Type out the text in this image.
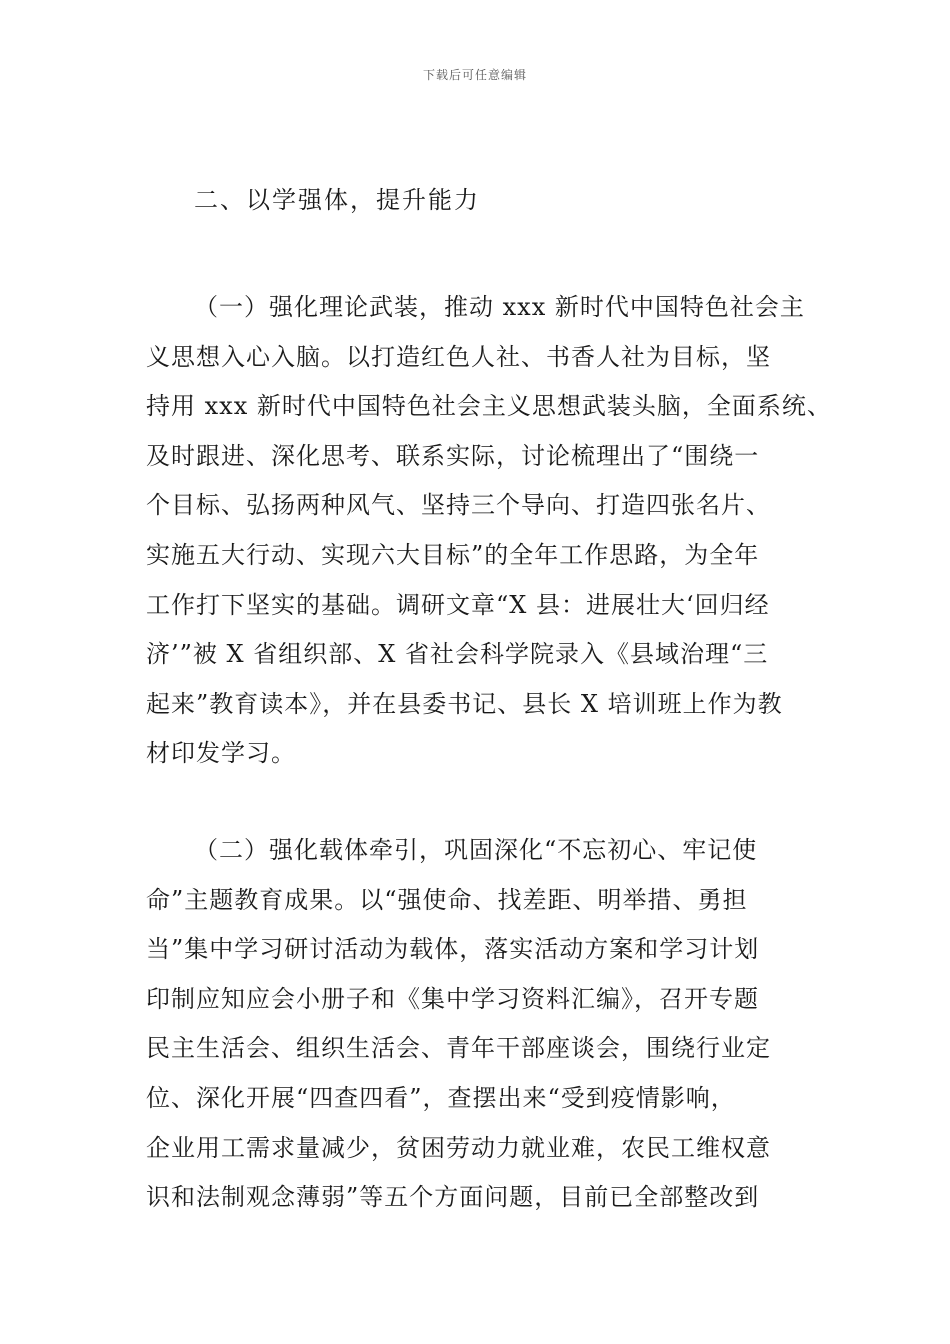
下载后可任意编辑
二、以学强体，提升能力
（一）强化理论武装，推动 xxx 新时代中国特色社会主
义思想入心入脑。以打造红色人社、书香人社为目标，坚
持用 xxx 新时代中国特色社会主义思想武装头脑，全面系统、
及时跟进、深化思考、联系实际，讨论梳理出了“围绕一
个目标、弘扬两种风气、坚持三个导向、打造四张名片、
实施五大行动、实现六大目标”的全年工作思路，为全年
工作打下坚实的基础。调研文章“X 县：进展壮大‘回归经
济’”被 X 省组织部、X 省社会科学院录入《县域治理“三
起来”教育读本》，并在县委书记、县长 X 培训班上作为教
材印发学习。
（二）强化载体牵引，巩固深化“不忘初心、牢记使
命”主题教育成果。以“强使命、找差距、明举措、勇担
当”集中学习研讨活动为载体，落实活动方案和学习计划
印制应知应会小册子和《集中学习资料汇编》，召开专题
民主生活会、组织生活会、青年干部座谈会，围绕行业定
位、深化开展“四查四看”，查摆出来“受到疫情影响，
企业用工需求量减少，贫困劳动力就业难，农民工维权意
识和法制观念薄弱”等五个方面问题，目前已全部整改到
